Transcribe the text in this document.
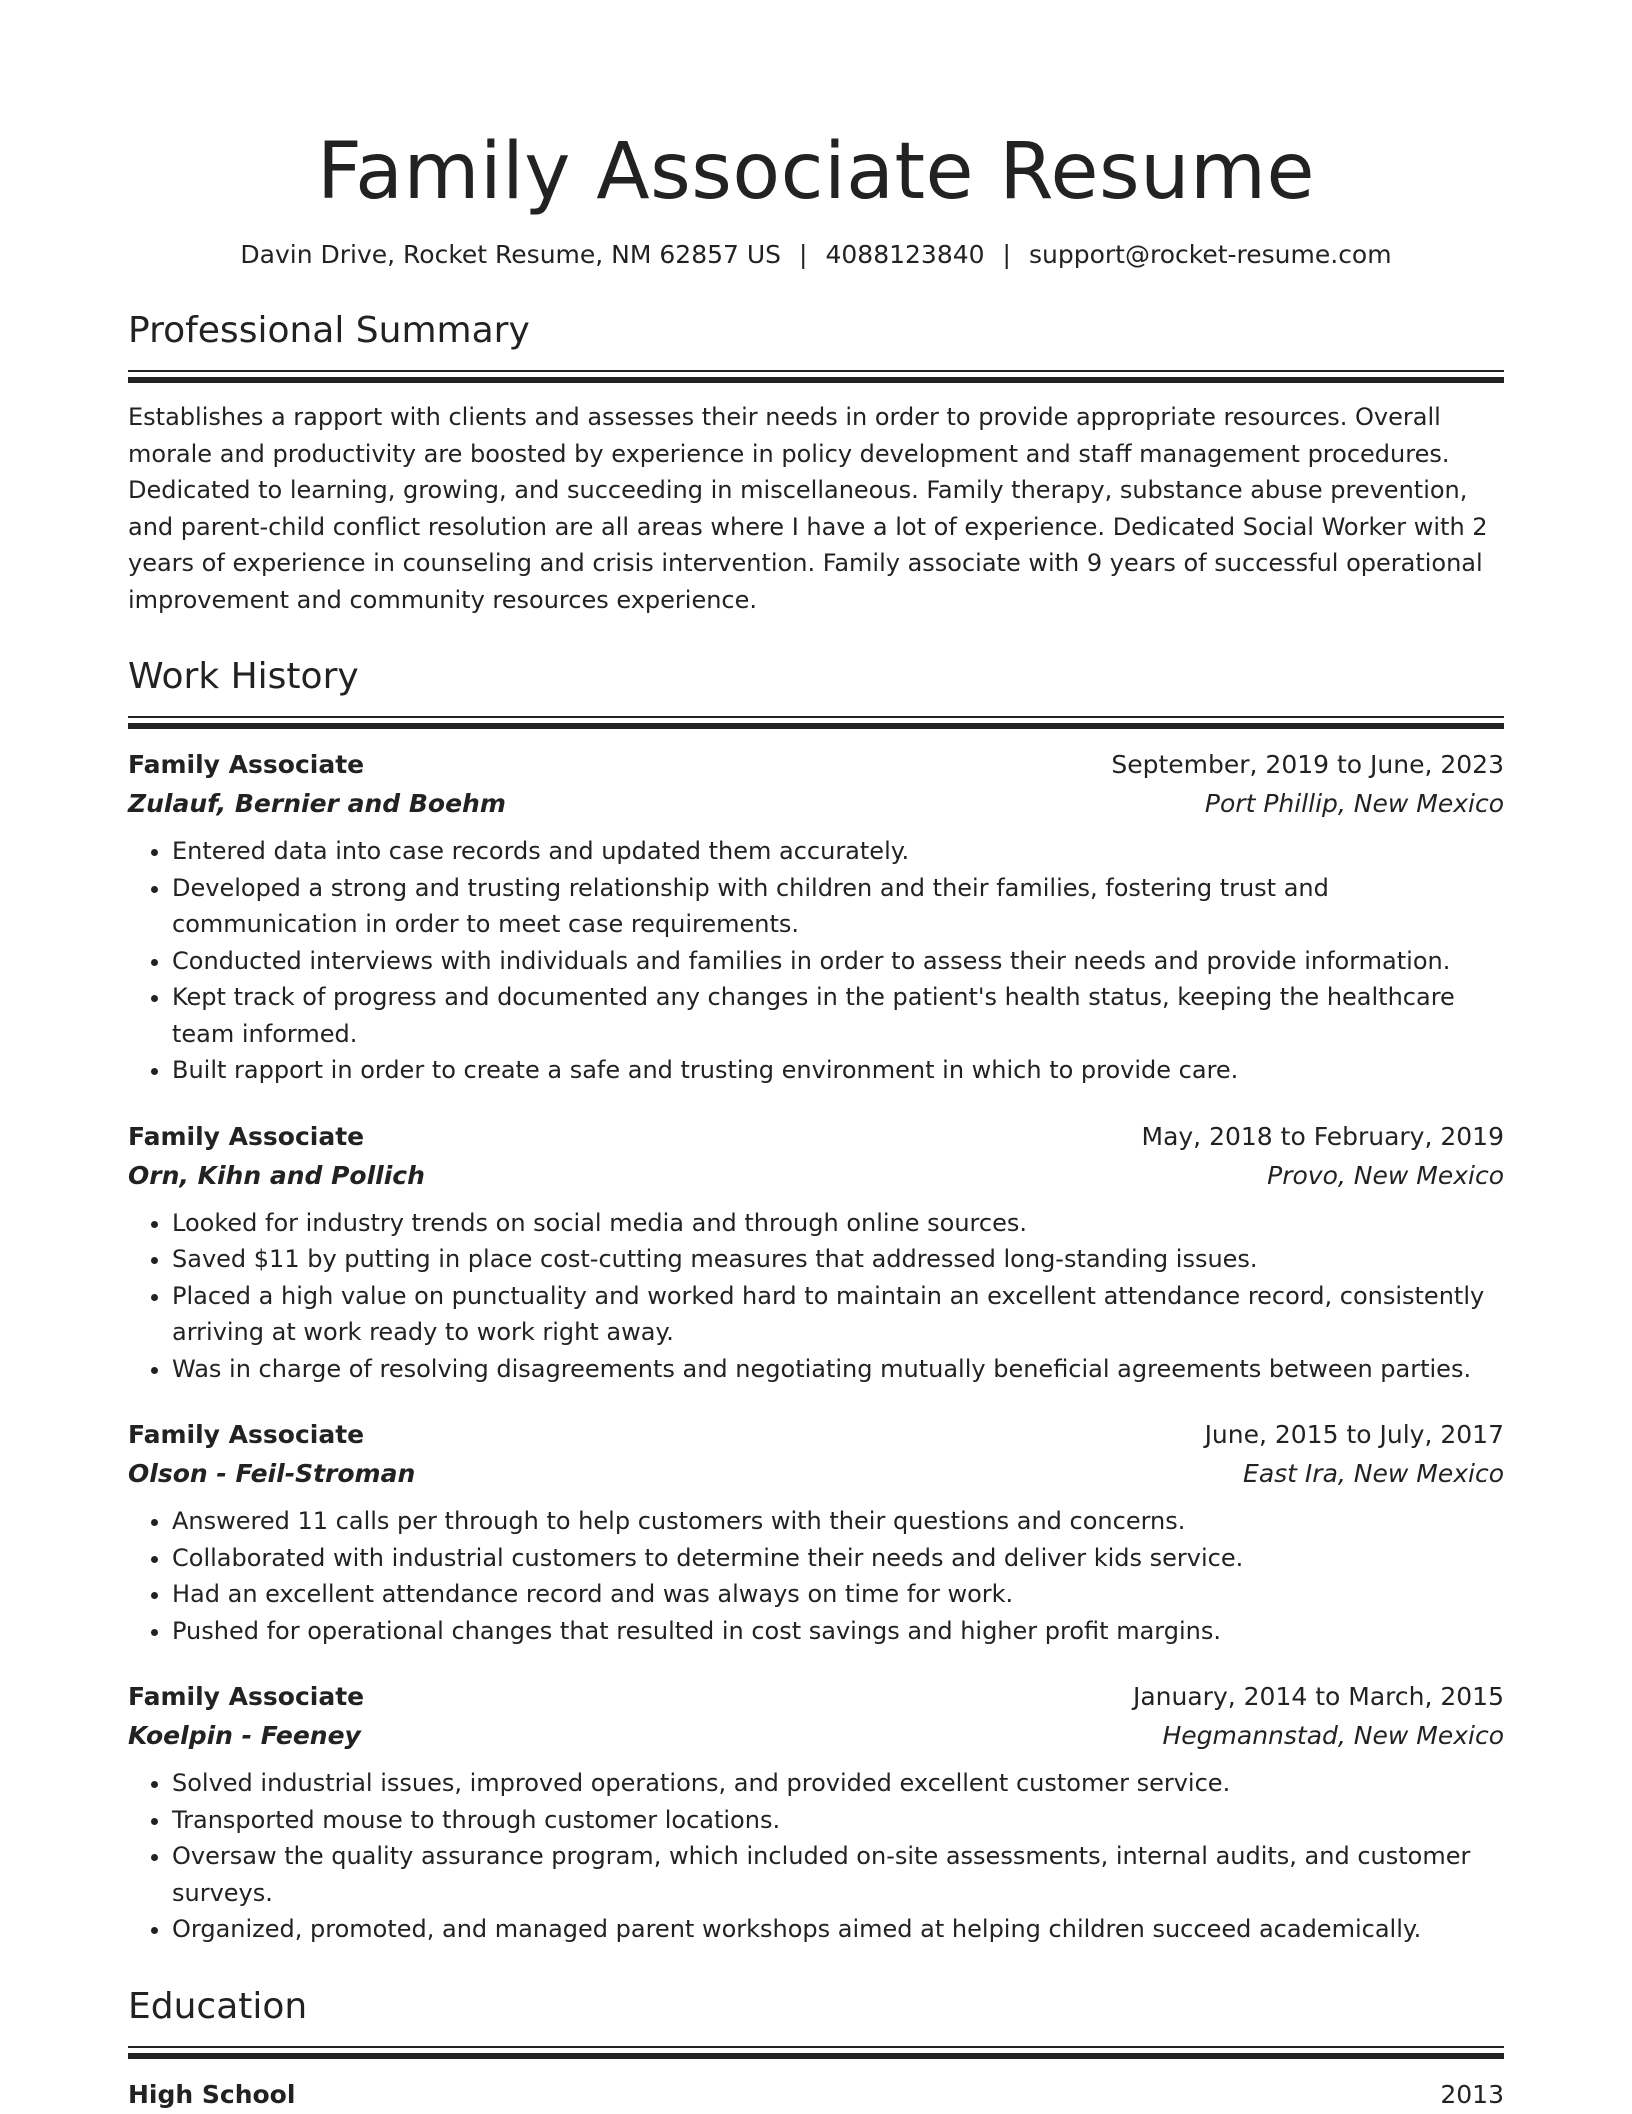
Family Associate Resume
Davin Drive, Rocket Resume, NM 62857 US | 4088123840 | support@rocket-resume.com
Professional Summary

Establishes a rapport with clients and assesses their needs in order to provide appropriate resources. Overall morale and productivity are boosted by experience in policy development and staff management procedures. Dedicated to learning, growing, and succeeding in miscellaneous. Family therapy, substance abuse prevention, and parent-child conflict resolution are all areas where I have a lot of experience. Dedicated Social Worker with 2 years of experience in counseling and crisis intervention. Family associate with 9 years of successful operational improvement and community resources experience.

Work History
Family Associate	September, 2019 to June, 2023
Zulauf, Bernier and Boehm	Port Phillip, New Mexico
• Entered data into case records and updated them accurately.
• Developed a strong and trusting relationship with children and their families, fostering trust and communication in order to meet case requirements.
• Conducted interviews with individuals and families in order to assess their needs and provide information.
• Kept track of progress and documented any changes in the patient's health status, keeping the healthcare team informed.
• Built rapport in order to create a safe and trusting environment in which to provide care.
Family Associate	May, 2018 to February, 2019
Orn, Kihn and Pollich	Provo, New Mexico
• Looked for industry trends on social media and through online sources.
• Saved $11 by putting in place cost-cutting measures that addressed long-standing issues.
• Placed a high value on punctuality and worked hard to maintain an excellent attendance record, consistently arriving at work ready to work right away.
• Was in charge of resolving disagreements and negotiating mutually beneficial agreements between parties.
Family Associate	June, 2015 to July, 2017
Olson - Feil-Stroman	East Ira, New Mexico
• Answered 11 calls per through to help customers with their questions and concerns.
• Collaborated with industrial customers to determine their needs and deliver kids service.
• Had an excellent attendance record and was always on time for work.
• Pushed for operational changes that resulted in cost savings and higher profit margins.
Family Associate	January, 2014 to March, 2015
Koelpin - Feeney	Hegmannstad, New Mexico
• Solved industrial issues, improved operations, and provided excellent customer service.
• Transported mouse to through customer locations.
• Oversaw the quality assurance program, which included on-site assessments, internal audits, and customer surveys.
• Organized, promoted, and managed parent workshops aimed at helping children succeed academically.
Education
High School	2013
